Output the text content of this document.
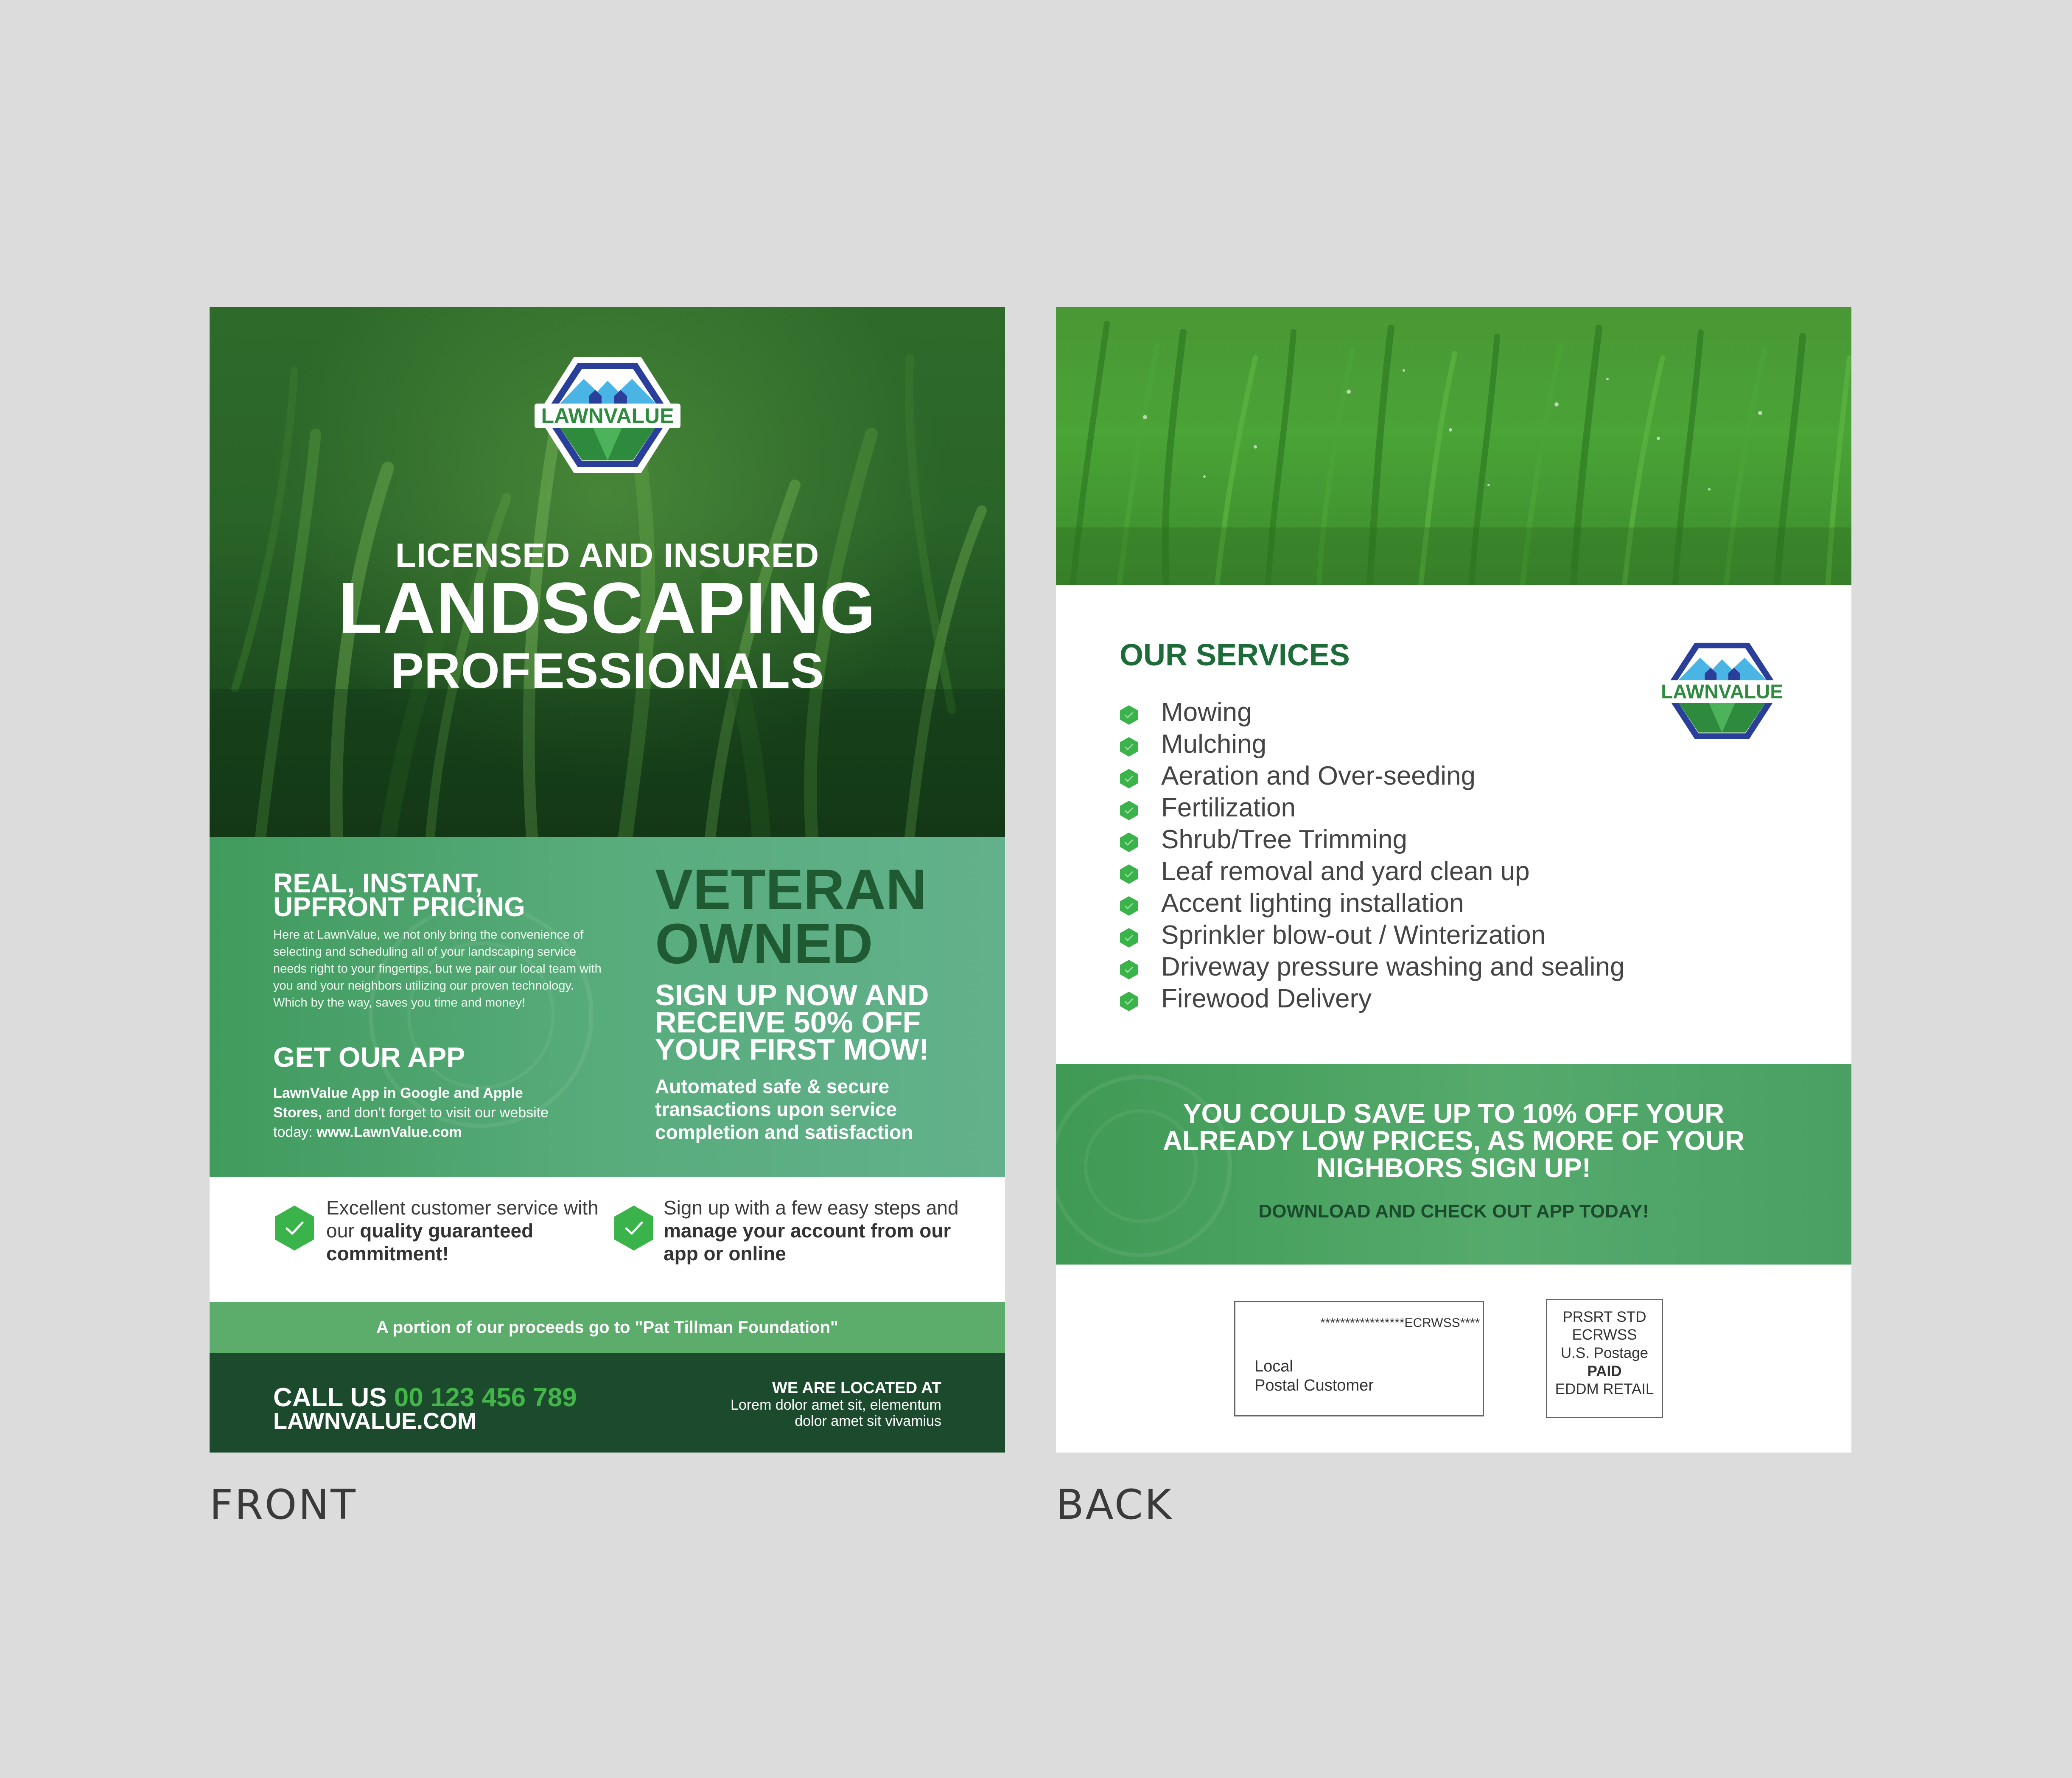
LAWNVALUE
LICENSED AND INSURED
LANDSCAPING
PROFESSIONALS
REAL, INSTANT, UPFRONT PRICING
Here at LawnValue, we not only bring the convenience of selecting and scheduling all of your landscaping service needs right to your fingertips, but we pair our local team with you and your neighbors utilizing our proven technology. Which by the way, saves you time and money!
GET OUR APP
LawnValue App in Google and Apple Stores, and don't forget to visit our website today: www.LawnValue.com
VETERAN OWNED
SIGN UP NOW AND RECEIVE 50% OFF YOUR FIRST MOW!
Automated safe & secure transactions upon service completion and satisfaction
Excellent customer service with our quality guaranteed commitment!
Sign up with a few easy steps and manage your account from our app or online
A portion of our proceeds go to "Pat Tillman Foundation"
CALL US 00 123 456 789
LAWNVALUE.COM
WE ARE LOCATED AT
Lorem dolor amet sit, elementum
dolor amet sit vivamius
FRONT
OUR SERVICES
LAWNVALUE
Mowing
Mulching
Aeration and Over-seeding
Fertilization
Shrub/Tree Trimming
Leaf removal and yard clean up
Accent lighting installation
Sprinkler blow-out / Winterization
Driveway pressure washing and sealing
Firewood Delivery
YOU COULD SAVE UP TO 10% OFF YOUR ALREADY LOW PRICES, AS MORE OF YOUR NIGHBORS SIGN UP!
DOWNLOAD AND CHECK OUT APP TODAY!
*****************ECRWSS****
Local
Postal Customer
PRSRT STD
ECRWSS
U.S. Postage
PAID
EDDM RETAIL
BACK
